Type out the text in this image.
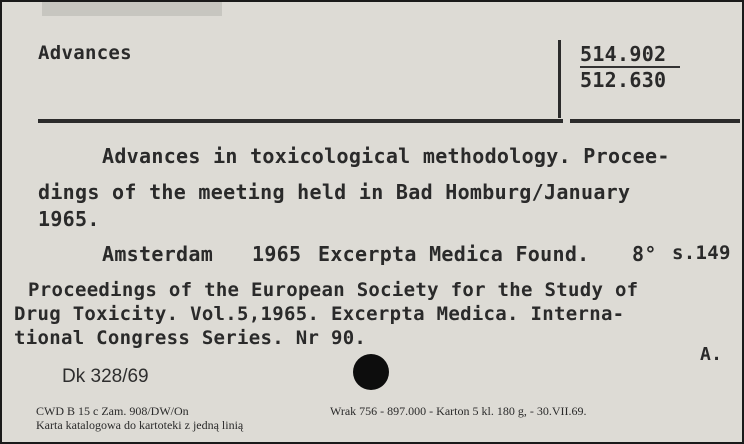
Advances	514.902
512.630
Advances in toxicological methodology. Procee-
dings of the meeting held in Bad Homburg/January
1965.
Amsterdam 1965 Excerpta Medica Found. 8° s.149
Proceedings of the European Society for the Study of
Drug Toxicity. Vol.5,1965. Excerpta Medica. Interna-
tional Congress Series. Nr 90.
A.
Dk 328/69
CWD B 15 c Zam. 908/DW/On	Wrak 756 - 897.000 - Karton 5 kl. 180 g, - 30.VII.69.
Karta katalogowa do kartoteki z jedną linią
